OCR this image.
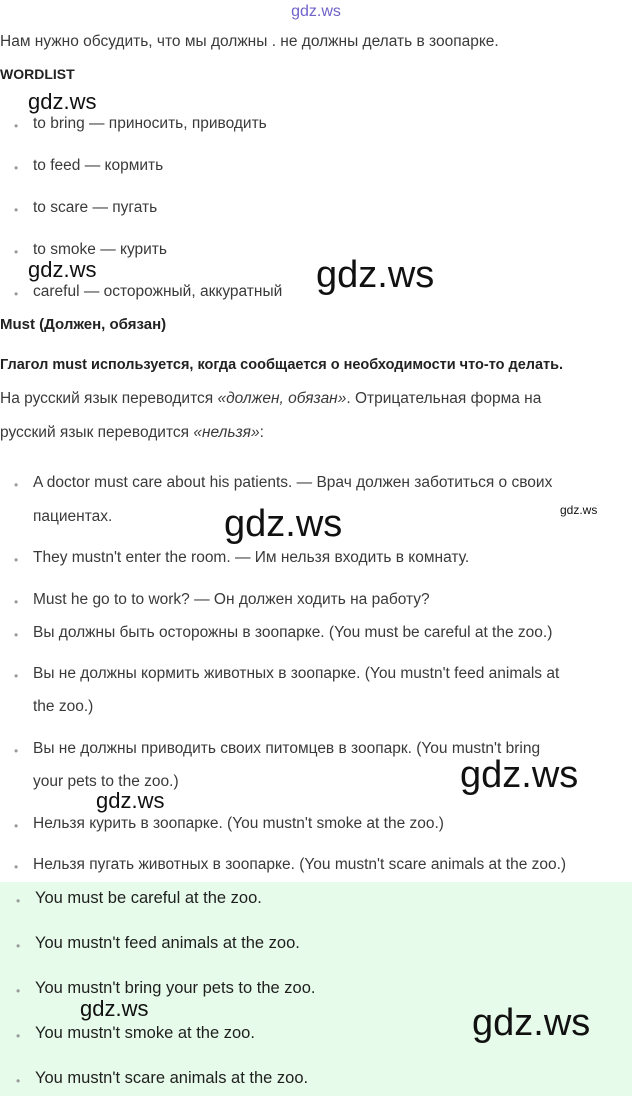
gdz.ws
Нам нужно обсудить, что мы должны . не должны делать в зоопарке.
WORDLIST
• to bring — приносить, приводить
• to feed — кормить
• to scare — пугать
• to smoke — курить
• careful — осторожный, аккуратный
Must (Должен, обязан)
Глагол must используется, когда сообщается о необходимости что-то делать.
На русский язык переводится «должен, обязан». Отрицательная форма на
русский язык переводится «нельзя»:
• A doctor must care about his patients. — Врач должен заботиться о своих
пациентах.
• They mustn't enter the room. — Им нельзя входить в комнату.
• Must he go to to work? — Он должен ходить на работу?
• Вы должны быть осторожны в зоопарке. (You must be careful at the zoo.)
• Вы не должны кормить животных в зоопарке. (You mustn't feed animals at
the zoo.)
• Вы не должны приводить своих питомцев в зоопарк. (You mustn't bring
your pets to the zoo.)
• Нельзя курить в зоопарке. (You mustn't smoke at the zoo.)
• Нельзя пугать животных в зоопарке. (You mustn't scare animals at the zoo.)
• You must be careful at the zoo.
• You mustn't feed animals at the zoo.
• You mustn't bring your pets to the zoo.
• You mustn't smoke at the zoo.
• You mustn't scare animals at the zoo.
gdz.ws
gdz.ws	gdz.ws
gdz.ws	gdz.ws
gdz.ws
gdz.ws
gdz.ws	gdz.ws
